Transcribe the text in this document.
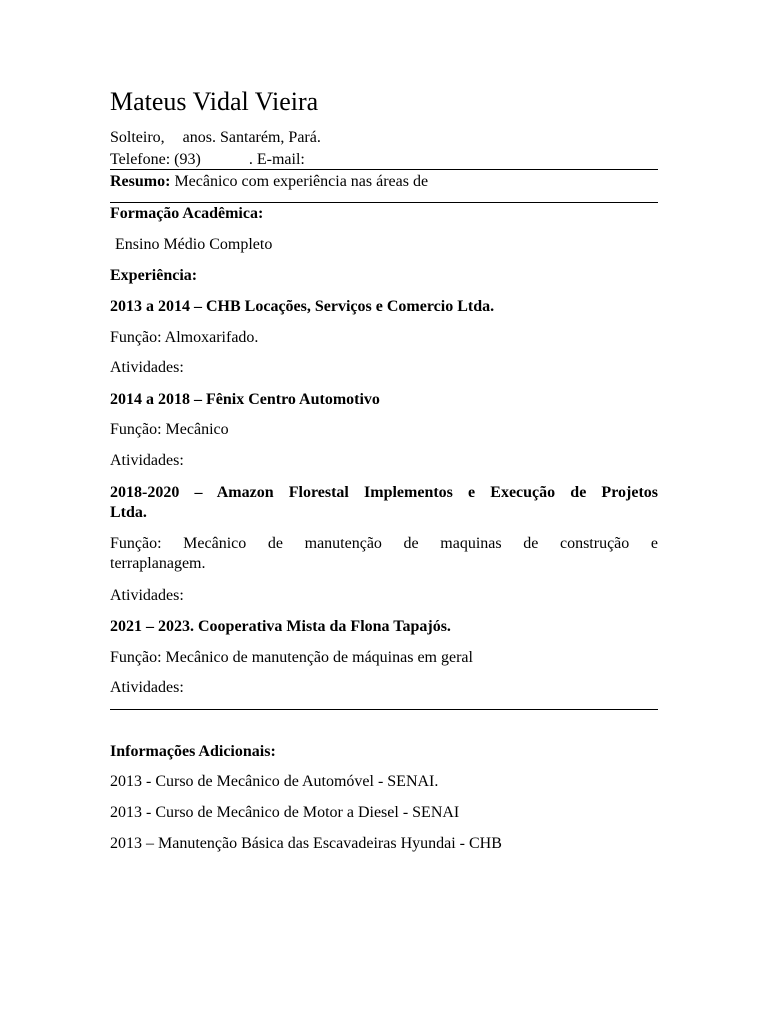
Mateus Vidal Vieira
Solteiro, anos. Santarém, Pará.
Telefone: (93)	. E-mail:
Resumo: Mecânico com experiência nas áreas de
Formação Acadêmica:
Ensino Médio Completo
Experiência:
2013 a 2014 – CHB Locações, Serviços e Comercio Ltda.
Função: Almoxarifado.
Atividades:
2014 a 2018 – Fênix Centro Automotivo
Função: Mecânico
Atividades:
2018-2020 – Amazon Florestal Implementos e Execução de Projetos
Ltda.
Função: Mecânico de manutenção de maquinas de construção e
terraplanagem.
Atividades:
2021 – 2023. Cooperativa Mista da Flona Tapajós.
Função: Mecânico de manutenção de máquinas em geral
Atividades:
Informações Adicionais:
2013 - Curso de Mecânico de Automóvel - SENAI.
2013 - Curso de Mecânico de Motor a Diesel - SENAI
2013 – Manutenção Básica das Escavadeiras Hyundai - CHB
